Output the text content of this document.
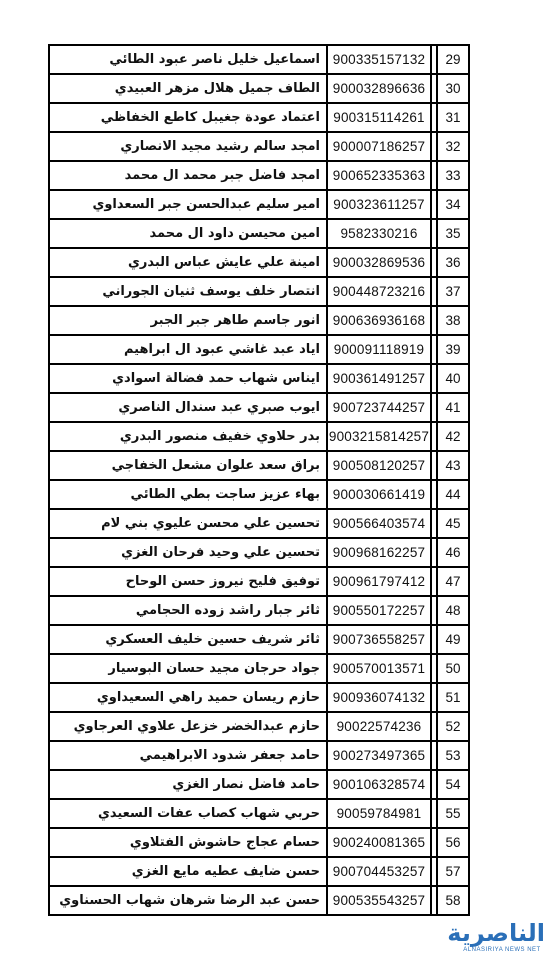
اسماعيل خليل ناصر عبود الطائي	900335157132		29
الطاف جميل هلال مزهر العبيدي	900032896636		30
اعتماد عودة جغيبل كاطع الخفاظي	900315114261		31
امجد سالم رشيد مجيد الانصاري	900007186257		32
امجد فاضل جبر محمد ال محمد	900652335363		33
امير سليم عبدالحسن جبر السعداوي	900323611257		34
امين محيسن داود ال محمد	9582330216		35
امينة علي عايش عباس البدري	900032869536		36
انتصار خلف يوسف ثنيان الجوراني	900448723216		37
انور جاسم طاهر جبر الجبر	900636936168		38
اياد عبد غاشي عبود ال ابراهيم	900091118919		39
ايناس شهاب حمد فضالة اسوادي	900361491257		40
ايوب صبري عبد سندال الناصري	900723744257		41
بدر حلاوي خفيف منصور البدري	9003215814257		42
براق سعد علوان مشعل الخفاجي	900508120257		43
بهاء عزيز ساجت بطي الطائي	900030661419		44
تحسين علي محسن عليوي بني لام	900566403574		45
تحسين علي وحيد فرحان الغزي	900968162257		46
توفيق فليح نيروز حسن الوحاح	900961797412		47
ثائر جبار راشد زوده الحجامي	900550172257		48
ثائر شريف حسين خليف العسكري	900736558257		49
جواد حرجان مجيد حسان البوسيار	900570013571		50
حازم ريسان حميد راهي السعيداوي	900936074132		51
حازم عبدالخضر خزعل علاوي العرجاوي	90022574236		52
حامد جعفر شدود الابراهيمي	900273497365		53
حامد فاضل نصار الغزي	900106328574		54
حربي شهاب كصاب عفات السعيدي	90059784981		55
حسام عجاج حاشوش الفتلاوي	900240081365		56
حسن ضايف عطيه مايع الغزي	900704453257		57
حسن عبد الرضا شرهان شهاب الحسناوي	900535543257		58
الناصرية
ALNASIRIYA NEWS NET
